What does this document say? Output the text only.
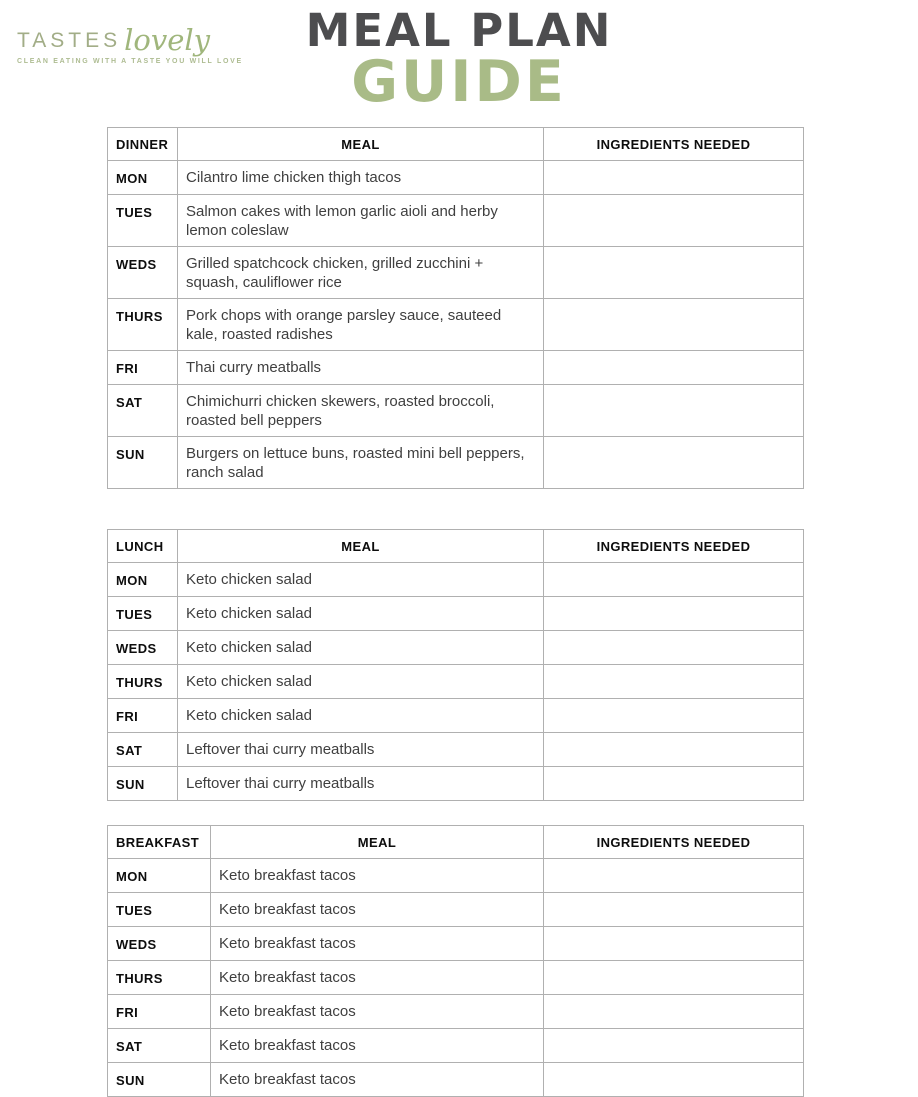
TASTES lovely
CLEAN EATING WITH A TASTE YOU WILL LOVE
MEAL PLAN
GUIDE
DINNER	MEAL	INGREDIENTS NEEDED
MON	Cilantro lime chicken thigh tacos	
TUES	Salmon cakes with lemon garlic aioli and herby lemon coleslaw	
WEDS	Grilled spatchcock chicken, grilled zucchini + squash, cauliflower rice	
THURS	Pork chops with orange parsley sauce, sauteed kale, roasted radishes	
FRI	Thai curry meatballs	
SAT	Chimichurri chicken skewers, roasted broccoli, roasted bell peppers	
SUN	Burgers on lettuce buns, roasted mini bell peppers, ranch salad	
LUNCH	MEAL	INGREDIENTS NEEDED
MON	Keto chicken salad	
TUES	Keto chicken salad	
WEDS	Keto chicken salad	
THURS	Keto chicken salad	
FRI	Keto chicken salad	
SAT	Leftover thai curry meatballs	
SUN	Leftover thai curry meatballs	
BREAKFAST	MEAL	INGREDIENTS NEEDED
MON	Keto breakfast tacos	
TUES	Keto breakfast tacos	
WEDS	Keto breakfast tacos	
THURS	Keto breakfast tacos	
FRI	Keto breakfast tacos	
SAT	Keto breakfast tacos	
SUN	Keto breakfast tacos	
